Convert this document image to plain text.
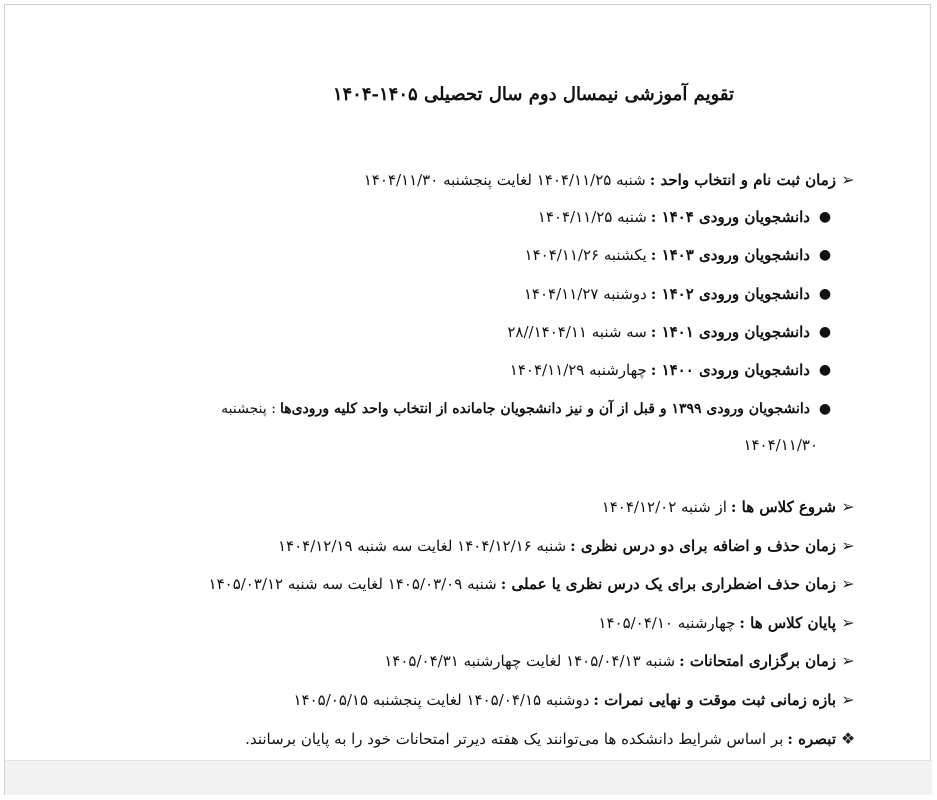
تقویم آموزشی نیمسال دوم سال تحصیلی ۱۴۰۵-۱۴۰۴
➢
زمان ثبت نام و انتخاب واحد :
شنبه ۱۴۰۴/۱۱/۲۵ لغایت پنجشنبه ۱۴۰۴/۱۱/۳۰
●
دانشجویان ورودی ۱۴۰۴ :
شنبه ۱۴۰۴/۱۱/۲۵
●
دانشجویان ورودی ۱۴۰۳ :
یکشنبه ۱۴۰۴/۱۱/۲۶
●
دانشجویان ورودی ۱۴۰۲ :
دوشنبه ۱۴۰۴/۱۱/۲۷
●
دانشجویان ورودی ۱۴۰۱ :
سه شنبه ۱۴۰۴/۱۱//۲۸
●
دانشجویان ورودی ۱۴۰۰ :
چهارشنبه ۱۴۰۴/۱۱/۲۹
●
دانشجویان ورودی ۱۳۹۹ و قبل از آن و نیز دانشجویان جامانده از انتخاب واحد کلیه ورودی‌ها
: پنجشنبه
۱۴۰۴/۱۱/۳۰
➢
شروع کلاس ها :
از شنبه ۱۴۰۴/۱۲/۰۲
➢
زمان حذف و اضافه برای دو درس نظری :
شنبه ۱۴۰۴/۱۲/۱۶ لغایت سه شنبه ۱۴۰۴/۱۲/۱۹
➢
زمان حذف اضطراری برای یک درس نظری یا عملی :
شنبه ۱۴۰۵/۰۳/۰۹ لغایت سه شنبه ۱۴۰۵/۰۳/۱۲
➢
پایان کلاس ها :
چهارشنبه ۱۴۰۵/۰۴/۱۰
➢
زمان برگزاری امتحانات :
شنبه ۱۴۰۵/۰۴/۱۳ لغایت چهارشنبه ۱۴۰۵/۰۴/۳۱
➢
بازه زمانی ثبت موقت و نهایی نمرات :
دوشنبه ۱۴۰۵/۰۴/۱۵ لغایت پنجشنبه ۱۴۰۵/۰۵/۱۵
❖
تبصره :
بر اساس شرایط دانشکده ها می‌توانند یک هفته دیرتر امتحانات خود را به پایان برسانند.
